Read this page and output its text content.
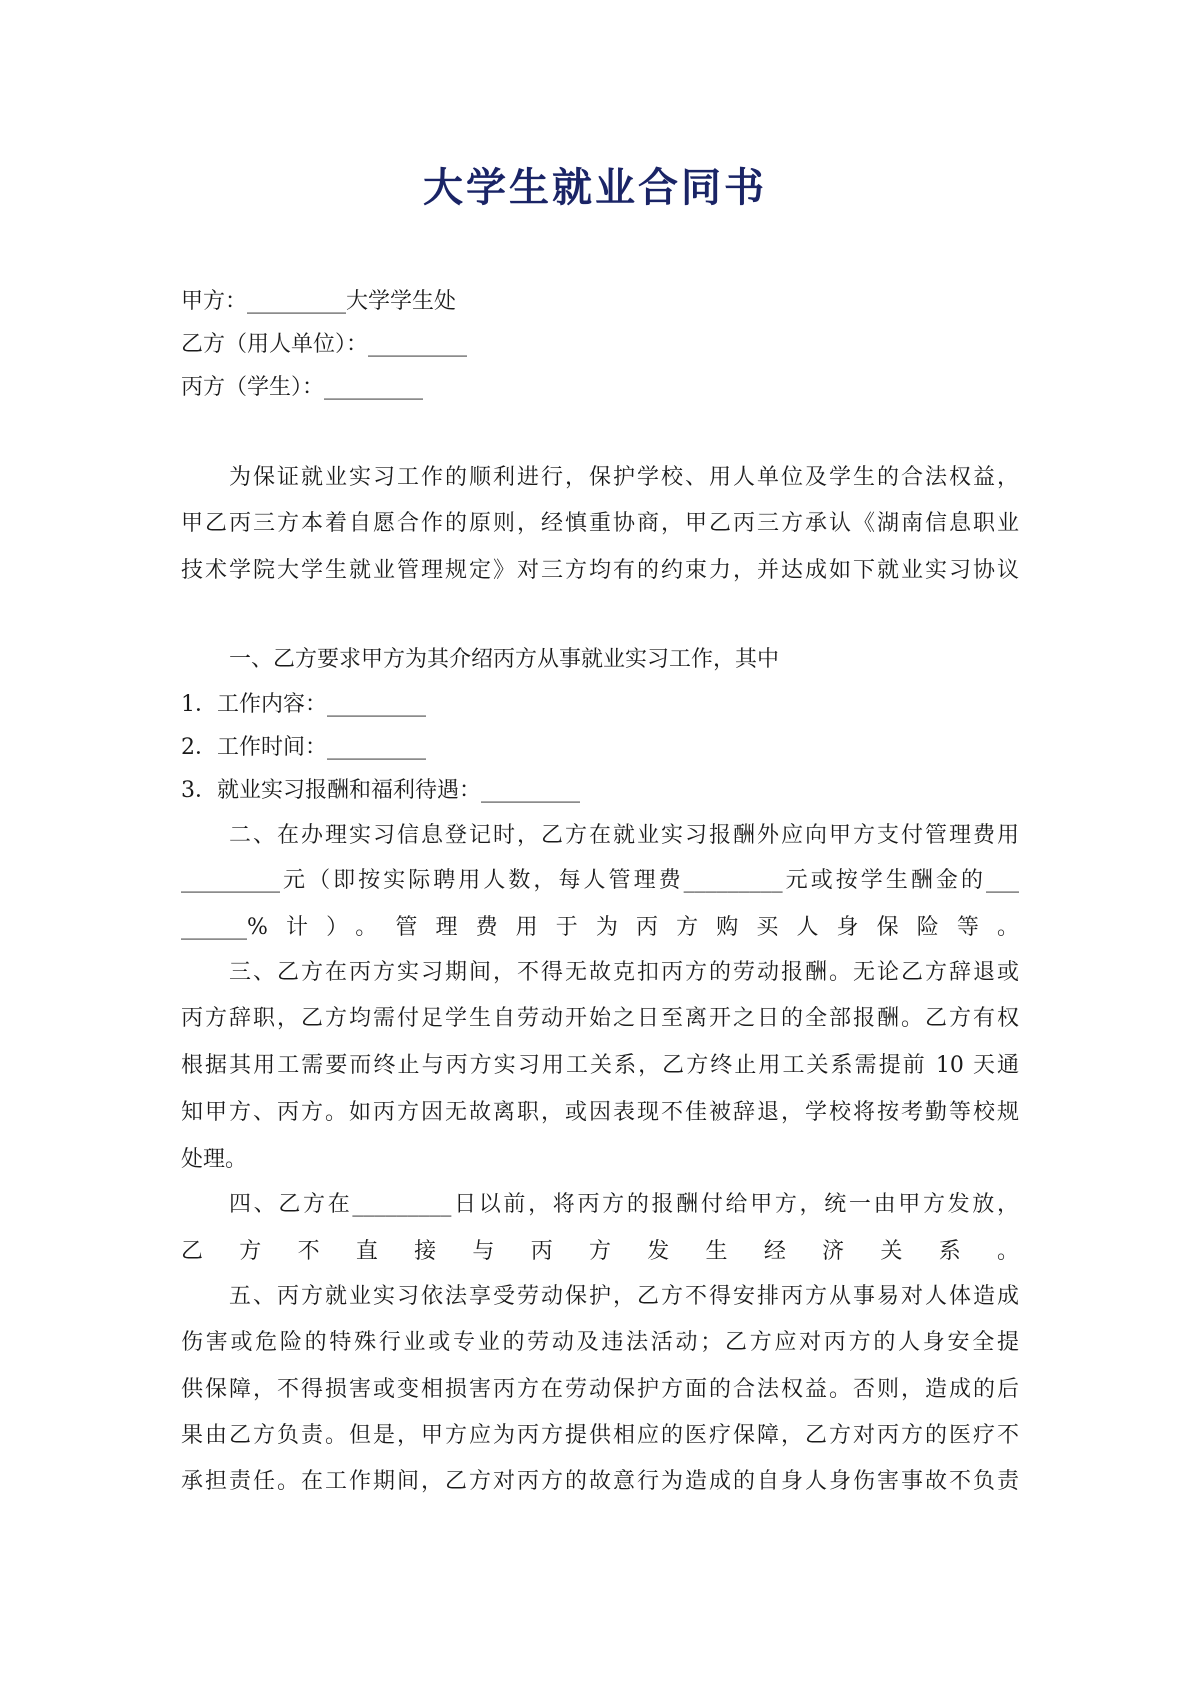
大学生就业合同书
甲方：_________大学学生处
乙方（用人单位）：_________
丙方（学生）：_________
为保证就业实习工作的顺利进行，保护学校、用人单位及学生的合法权益，
甲乙丙三方本着自愿合作的原则，经慎重协商，甲乙丙三方承认《湖南信息职业
技术学院大学生就业管理规定》对三方均有的约束力，并达成如下就业实习协议
一、乙方要求甲方为其介绍丙方从事就业实习工作，其中
1．工作内容：_________
2．工作时间：_________
3．就业实习报酬和福利待遇：_________
二、在办理实习信息登记时，乙方在就业实习报酬外应向甲方支付管理费用
_________元（即按实际聘用人数，每人管理费_________元或按学生酬金的___
______%计）。管理费用于为丙方购买人身保险等。
三、乙方在丙方实习期间，不得无故克扣丙方的劳动报酬。无论乙方辞退或
丙方辞职，乙方均需付足学生自劳动开始之日至离开之日的全部报酬。乙方有权
根据其用工需要而终止与丙方实习用工关系，乙方终止用工关系需提前 10 天通
知甲方、丙方。如丙方因无故离职，或因表现不佳被辞退，学校将按考勤等校规
处理。
四、乙方在_________日以前，将丙方的报酬付给甲方，统一由甲方发放，
乙方不直接与丙方发生经济关系。
五、丙方就业实习依法享受劳动保护，乙方不得安排丙方从事易对人体造成
伤害或危险的特殊行业或专业的劳动及违法活动；乙方应对丙方的人身安全提
供保障，不得损害或变相损害丙方在劳动保护方面的合法权益。否则，造成的后
果由乙方负责。但是，甲方应为丙方提供相应的医疗保障，乙方对丙方的医疗不
承担责任。在工作期间，乙方对丙方的故意行为造成的自身人身伤害事故不负责
